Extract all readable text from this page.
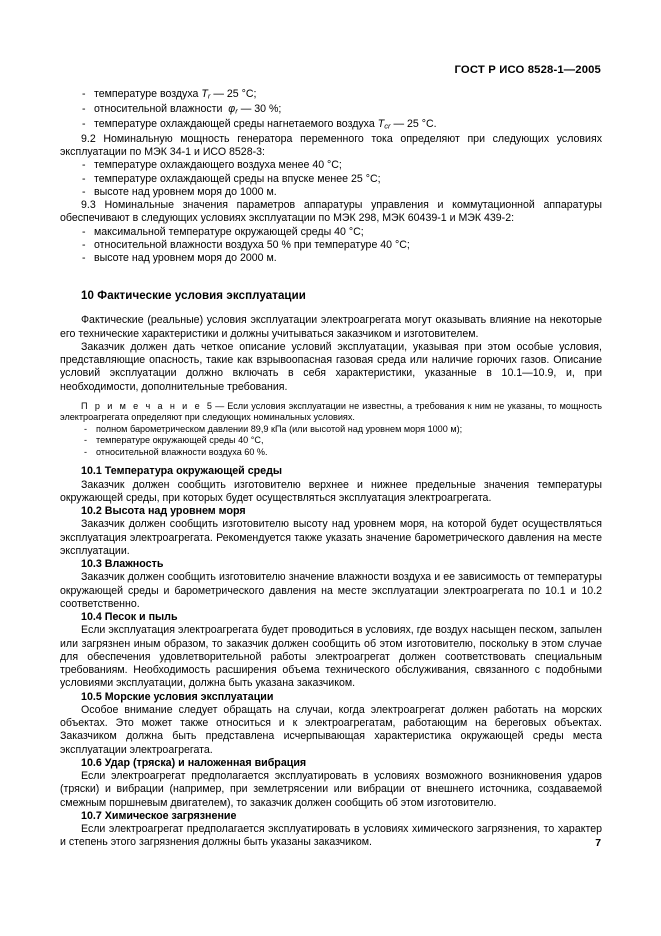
ГОСТ Р ИСО 8528-1—2005
- температуре воздуха $T_r$ — 25 °C;
- относительной влажности  $\varphi_r$ — 30 %;
- температуре охлаждающей среды нагнетаемого воздуха $T_{cr}$ — 25 °C.

9.2 Номинальную мощность генератора переменного тока определяют при следующих условиях эксплуатации по МЭК 34-1 и ИСО 8528-3:

- температуре охлаждающего воздуха менее 40 °C;
- температуре охлаждающей среды на впуске менее 25 °C;
- высоте над уровнем моря до 1000 м.

9.3 Номинальные значения параметров аппаратуры управления и коммутационной аппаратуры обеспечивают в следующих условиях эксплуатации по МЭК 298, МЭК 60439-1 и МЭК 439-2:

- максимальной температуре окружающей среды 40 °C;
- относительной влажности воздуха 50 % при температуре 40 °C;
- высоте над уровнем моря до 2000 м.
10 Фактические условия эксплуатации

Фактические (реальные) условия эксплуатации электроагрегата могут оказывать влияние на некоторые его технические характеристики и должны учитываться заказчиком и изготовителем.

Заказчик должен дать четкое описание условий эксплуатации, указывая при этом особые условия, представляющие опасность, такие как взрывоопасная газовая среда или наличие горючих газов. Описание условий эксплуатации должно включать в себя характеристики, указанные в 10.1—10.9, и, при необходимости, дополнительные требования.

П р и м е ч а н и е 5 — Если условия эксплуатации не известны, а требования к ним не указаны, то мощность электроагрегата определяют при следующих номинальных условиях.

- полном барометрическом давлении 89,9 кПа (или высотой над уровнем моря 1000 м);
- температуре окружающей среды 40 °C,
- относительной влажности воздуха 60 %.
10.1 Температура окружающей среды

Заказчик должен сообщить изготовителю верхнее и нижнее предельные значения температуры окружающей среды, при которых будет осуществляться эксплуатация электроагрегата.

10.2 Высота над уровнем моря

Заказчик должен сообщить изготовителю высоту над уровнем моря, на которой будет осуществляться эксплуатация электроагрегата. Рекомендуется также указать значение барометрического давления на месте эксплуатации.

10.3 Влажность

Заказчик должен сообщить изготовителю значение влажности воздуха и ее зависимость от температуры окружающей среды и барометрического давления на месте эксплуатации электроагрегата по 10.1 и 10.2 соответственно.

10.4 Песок и пыль

Если эксплуатация электроагрегата будет проводиться в условиях, где воздух насыщен песком, запылен или загрязнен иным образом, то заказчик должен сообщить об этом изготовителю, поскольку в этом случае для обеспечения удовлетворительной работы электроагрегат должен соответствовать специальным требованиям. Необходимость расширения объема технического обслуживания, связанного с подобными условиями эксплуатации, должна быть указана заказчиком.

10.5 Морские условия эксплуатации

Особое внимание следует обращать на случаи, когда электроагрегат должен работать на морских объектах. Это может также относиться и к электроагрегатам, работающим на береговых объектах. Заказчиком должна быть представлена исчерпывающая характеристика окружающей среды места эксплуатации электроагрегата.

10.6 Удар (тряска) и наложенная вибрация

Если электроагрегат предполагается эксплуатировать в условиях возможного возникновения ударов (тряски) и вибрации (например, при землетрясении или вибрации от внешнего источника, создаваемой смежным поршневым двигателем), то заказчик должен сообщить об этом изготовителю.

10.7 Химическое загрязнение

Если электроагрегат предполагается эксплуатировать в условиях химического загрязнения, то характер и степень этого загрязнения должны быть указаны заказчиком.	7
